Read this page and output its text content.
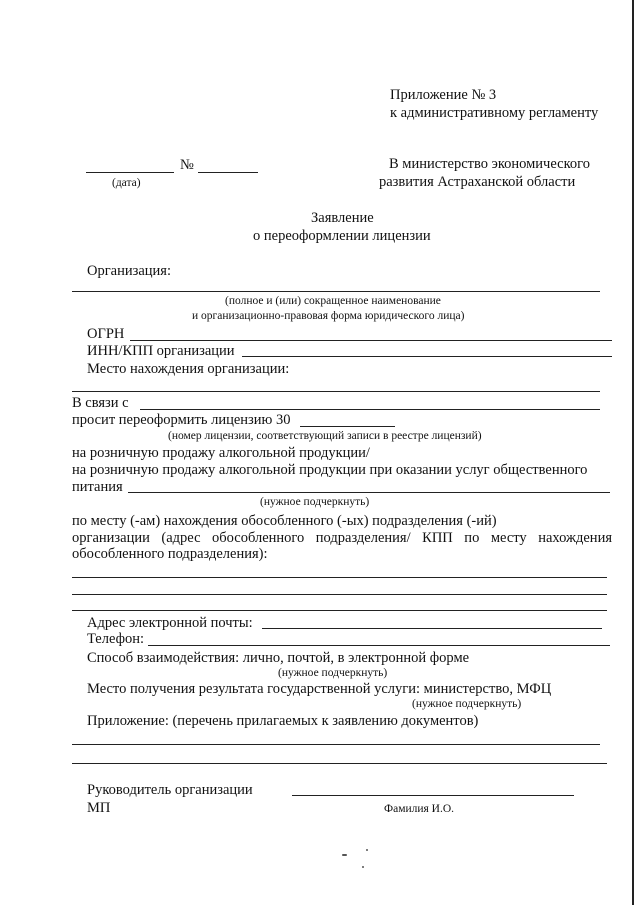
Приложение № 3
к административному регламенту
№
(дата)
В министерство экономического
развития Астраханской области
Заявление
о переоформлении лицензии
Организация:
(полное и (или) сокращенное наименование
и организационно-правовая форма юридического лица)
ОГРН
ИНН/КПП организации
Место нахождения организации:
В связи с
просит переоформить лицензию 30
(номер лицензии, соответствующий записи в реестре лицензий)
на розничную продажу алкогольной продукции/
на розничную продажу алкогольной продукции при оказании услуг общественного
питания
(нужное подчеркнуть)
по месту (-ам) нахождения обособленного (-ых) подразделения (-ий)
организации (адрес обособленного подразделения/ КПП по месту нахождения
обособленного подразделения):
Адрес электронной почты:
Телефон:
Способ взаимодействия: лично, почтой, в электронной форме
(нужное подчеркнуть)
Место получения результата государственной услуги: министерство, МФЦ
(нужное подчеркнуть)
Приложение: (перечень прилагаемых к заявлению документов)
Руководитель организации
МП	Фамилия И.О.
